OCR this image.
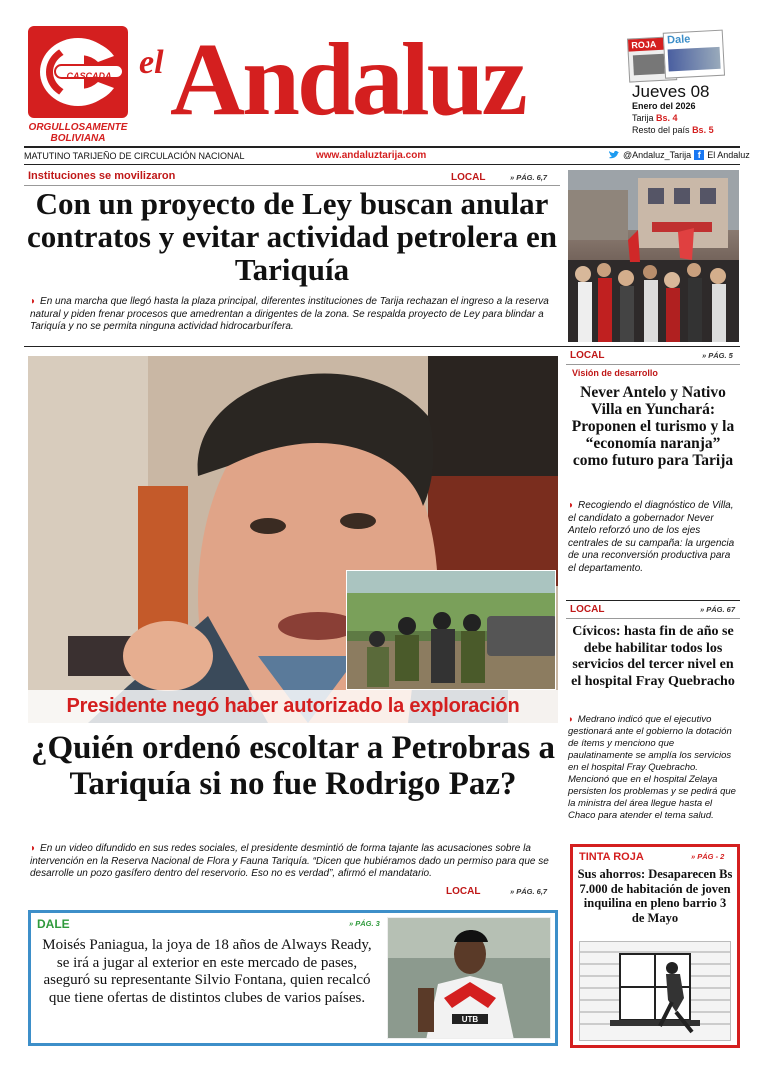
CASCADA
ORGULLOSAMENTE
BOLIVIANA
el Andaluz	ROJA Dale
Jueves 08
Enero del 2026
Tarija Bs. 4
Resto del país Bs. 5
MATUTINO TARIJEÑO DE CIRCULACIÓN NACIONAL	www.andaluztarija.com	@Andaluz_Tarija f El Andaluz
Instituciones se movilizaron	LOCAL	» PÁG. 6,7
Con un proyecto de Ley buscan anular contratos y evitar actividad petrolera en Tariquía
◗ En una marcha que llegó hasta la plaza principal, diferentes instituciones de Tarija rechazan el ingreso a la reserva natural y piden frenar procesos que amedrentan a dirigentes de la zona. Se respalda proyecto de Ley para blindar a Tariquía y no se permita ninguna actividad hidrocarburífera.
Presidente negó haber autorizado la exploración
¿Quién ordenó escoltar a Petrobras a Tariquía si no fue Rodrigo Paz?
◗ En un video difundido en sus redes sociales, el presidente desmintió de forma tajante las acusaciones sobre la intervención en la Reserva Nacional de Flora y Fauna Tariquía. “Dicen que hubiéramos dado un permiso para que se desarrolle un pozo gasífero dentro del reservorio. Eso no es verdad”, afirmó el mandatario.
LOCAL	» PÁG. 6,7
LOCAL	» PÁG. 5
Visión de desarrollo
Never Antelo y Nativo Villa en Yunchará: Proponen el turismo y la “economía naranja” como futuro para Tarija
◗ Recogiendo el diagnóstico de Villa, el candidato a gobernador Never Antelo reforzó uno de los ejes centrales de su campaña: la urgencia de una reconversión productiva para el departamento.
LOCAL	» PÁG. 67
Cívicos: hasta fin de año se debe habilitar todos los servicios del tercer nivel en el hospital Fray Quebracho
◗ Medrano indicó que el ejecutivo gestionará ante el gobierno la dotación de ítems y menciono que paulatinamente se amplía los servicios en el hospital Fray Quebracho. Mencionó que en el hospital Zelaya persisten los problemas y se pedirá que la ministra del área llegue hasta el Chaco para atender el tema salud.
DALE	» PÁG. 3
Moisés Paniagua, la joya de 18 años de Always Ready, se irá a jugar al exterior en este mercado de pases, aseguró su representante Silvio Fontana, quien recalcó que tiene ofertas de distintos clubes de varios países.
UTB
TINTA ROJA	» PÁG - 2
Sus ahorros: Desaparecen Bs 7.000 de habitación de joven inquilina en pleno barrio 3 de Mayo
